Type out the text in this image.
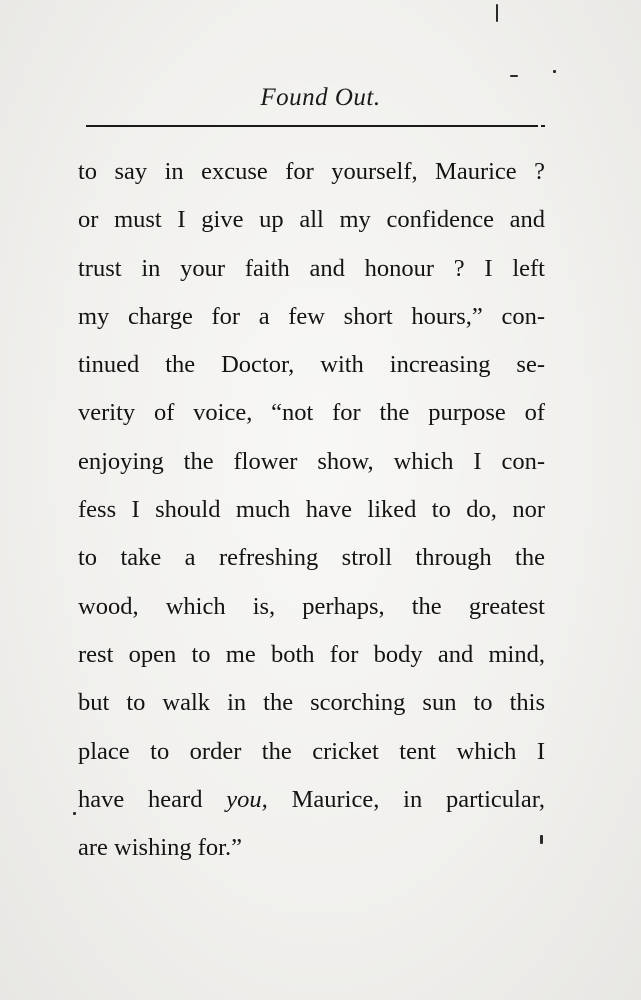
Found Out.
to say in excuse for yourself, Maurice ?
or must I give up all my confidence and
trust in your faith and honour ? I left
my charge for a few short hours,” con-
tinued the Doctor, with increasing se-
verity of voice, “not for the purpose of
enjoying the flower show, which I con-
fess I should much have liked to do, nor
to take a refreshing stroll through the
wood, which is, perhaps, the greatest
rest open to me both for body and mind,
but to walk in the scorching sun to this
place to order the cricket tent which I
have heard you, Maurice, in particular,
are wishing for.”
